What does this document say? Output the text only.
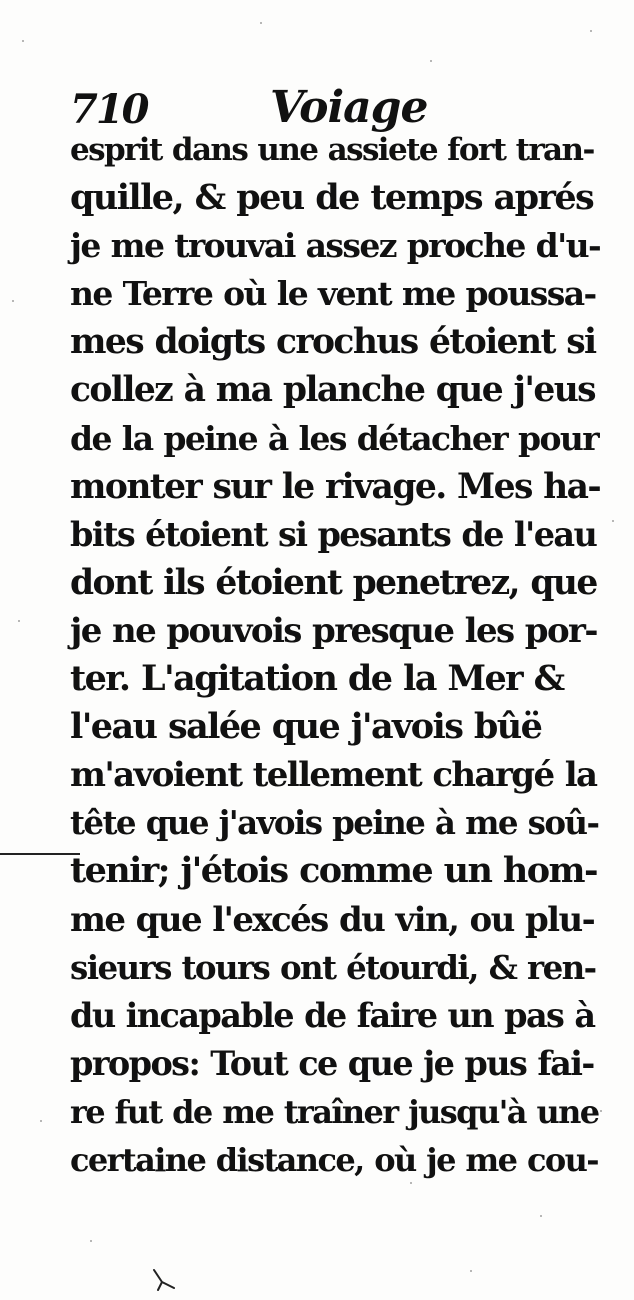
710	Voiage
esprit dans une assiete fort tran-
quille, & peu de temps aprés
je me trouvai assez proche d'u-
ne Terre où le vent me poussa-
mes doigts crochus étoient si
collez à ma planche que j'eus
de la peine à les détacher pour
monter sur le rivage. Mes ha-
bits étoient si pesants de l'eau
dont ils étoient penetrez, que
je ne pouvois presque les por-
ter. L'agitation de la Mer &
l'eau salée que j'avois bûë
m'avoient tellement chargé la
tête que j'avois peine à me soû-
tenir; j'étois comme un hom-
me que l'excés du vin, ou plu-
sieurs tours ont étourdi, & ren-
du incapable de faire un pas à
propos: Tout ce que je pus fai-
re fut de me traîner jusqu'à une
certaine distance, où je me cou-
